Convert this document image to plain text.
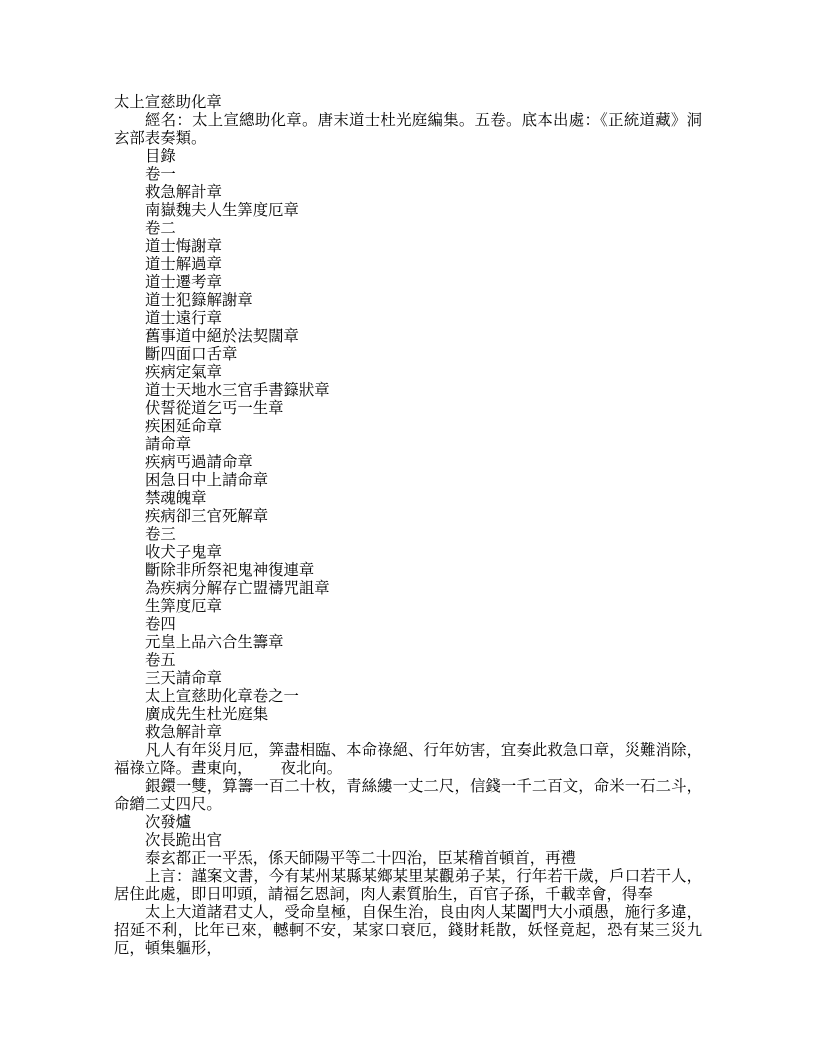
太上宣慈助化章

經名：太上宣總助化章。唐末道士杜光庭編集。五卷。底本出處：《正統道藏》洞玄部表奏類。

目錄

卷一

救急解計章

南嶽魏夫人生筭度厄章

卷二

道士悔謝章

道士解過章

道士遷考章

道士犯籙解謝章

道士遠行章

舊事道中絕於法契闊章

斷四面口舌章

疾病定氣章

道士天地水三官手書籙狀章

伏誓從道乞丐一生章

疾困延命章

請命章

疾病丐過請命章

困急日中上請命章

禁魂魄章

疾病卻三官死解章

卷三

收犬子鬼章

斷除非所祭祀鬼神復連章

為疾病分解存亡盟禱咒詛章

生筭度厄章

卷四

元皇上品六合生籌章

卷五

三天請命章

太上宣慈助化章卷之一

廣成先生杜光庭集

救急解計章

凡人有年災月厄，筭盡相臨、本命祿絕、行年妨害，宜奏此救急口章，災難消除，福祿立降。晝東向， 夜北向。

銀鐶一雙，算籌一百二十枚，青絲縷一丈二尺，信錢一千二百文，命米一石二斗，命繒二丈四尺。

次發爐

次長跪出官

泰玄都正一平炁，係天師陽平等二十四治，臣某稽首頓首，再禮

上言：謹案文書，今有某州某縣某鄉某里某觀弟子某，行年若干歲，戶口若干人，居住此處，即日叩頭，請福乞恩詞，肉人素質胎生，百官子孫，千載幸會，得奉

太上大道諸君丈人，受命皇極，自保生治，良由肉人某闔門大小頑愚，施行多違，招延不利，比年已來，轗軻不安，某家口衰厄，錢財耗散，妖怪竟起，恐有某三災九厄，頓集軀形，
